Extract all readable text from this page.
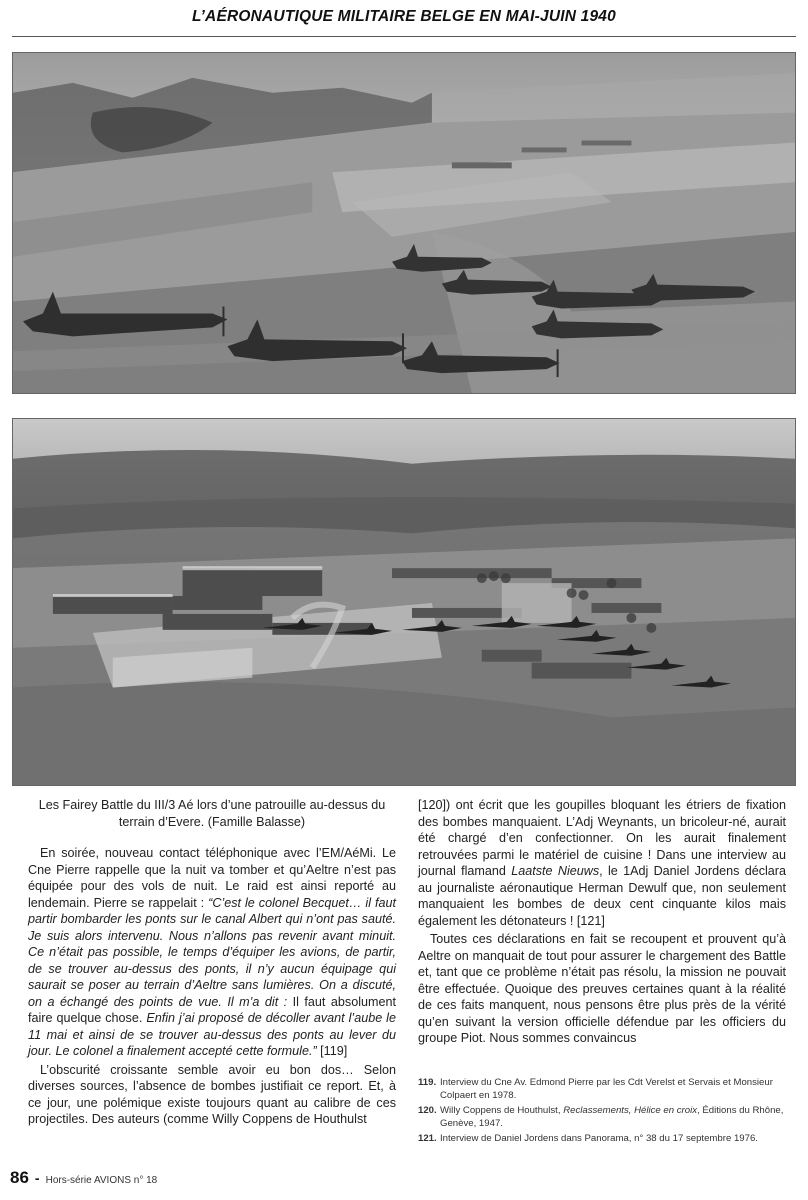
L’AÉRONAUTIQUE MILITAIRE BELGE EN MAI-JUIN 1940
Les Fairey Battle du III/3 Aé lors d’une patrouille au-dessus du
terrain d’Evere. (Famille Balasse)

En soirée, nouveau contact téléphonique avec l’EM/AéMi. Le Cne Pierre rappelle que la nuit va tomber et qu’Aeltre n’est pas équipée pour des vols de nuit. Le raid est ainsi reporté au lendemain. Pierre se rappelait : “C’est le colonel Becquet… il faut partir bombarder les ponts sur le canal Albert qui n’ont pas sauté. Je suis alors intervenu. Nous n’allons pas revenir avant minuit. Ce n’était pas possible, le temps d’équiper les avions, de partir, de se trouver au-dessus des ponts, il n’y aucun équipage qui saurait se poser au terrain d’Aeltre sans lumières. On a discuté, on a échangé des points de vue. Il m’a dit : Il faut absolument faire quelque chose. Enfin j’ai proposé de décoller avant l’aube le 11 mai et ainsi de se trouver au-dessus des ponts au lever du jour. Le colonel a finalement accepté cette formule.” [119]

L’obscurité croissante semble avoir eu bon dos… Selon diverses sources, l’absence de bombes justifiait ce report. Et, à ce jour, une polémique existe toujours quant au calibre de ces projectiles. Des auteurs (comme Willy Coppens de Houthulst

[120]) ont écrit que les goupilles bloquant les étriers de fixation des bombes manquaient. L’Adj Weynants, un bricoleur-né, aurait été chargé d’en confectionner. On les aurait finalement retrouvées parmi le matériel de cuisine ! Dans une interview au journal flamand Laatste Nieuws, le 1Adj Daniel Jordens déclara au journaliste aéronautique Herman Dewulf que, non seulement manquaient les bombes de deux cent cinquante kilos mais également les détonateurs ! [121]

Toutes ces déclarations en fait se recoupent et prouvent qu’à Aeltre on manquait de tout pour assurer le chargement des Battle et, tant que ce problème n’était pas résolu, la mission ne pouvait être effectuée. Quoique des preuves certaines quant à la réalité de ces faits manquent, nous pensons être plus près de la vérité qu’en suivant la version officielle défendue par les officiers du groupe Piot. Nous sommes convaincus

119. Interview du Cne Av. Edmond Pierre par les Cdt Verelst et Servais et Monsieur Colpaert en 1978.
120. Willy Coppens de Houthulst, Reclassements, Hélice en croix, Éditions du Rhône, Genève, 1947.
121. Interview de Daniel Jordens dans Panorama, n° 38 du 17 septembre 1976.
86 - Hors-série AVIONS n° 18
